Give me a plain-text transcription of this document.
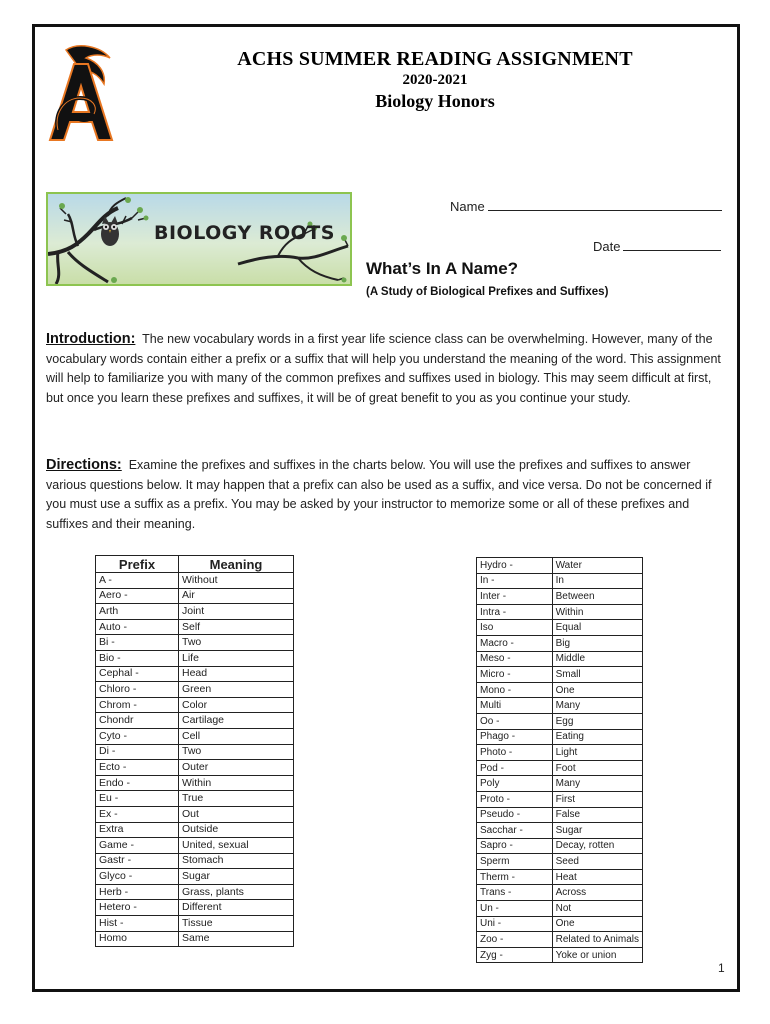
ACHS SUMMER READING ASSIGNMENT
2020-2021
Biology Honors
BIOLOGY ROOTS
Name
Date
What’s In A Name?
(A Study of Biological Prefixes and Suffixes)
Introduction: The new vocabulary words in a first year life science class can be overwhelming. However, many of the vocabulary words contain either a prefix or a suffix that will help you understand the meaning of the word. This assignment will help to familiarize you with many of the common prefixes and suffixes used in biology. This may seem difficult at first, but once you learn these prefixes and suffixes, it will be of great benefit to you as you continue your study.
Directions: Examine the prefixes and suffixes in the charts below. You will use the prefixes and suffixes to answer various questions below. It may happen that a prefix can also be used as a suffix, and vice versa. Do not be concerned if you must use a suffix as a prefix. You may be asked by your instructor to memorize some or all of these prefixes and suffixes and their meaning.
Prefix	Meaning
A -	Without
Aero -	Air
Arth	Joint
Auto -	Self
Bi -	Two
Bio -	Life
Cephal -	Head
Chloro -	Green
Chrom -	Color
Chondr	Cartilage
Cyto -	Cell
Di -	Two
Ecto -	Outer
Endo -	Within
Eu -	True
Ex -	Out
Extra	Outside
Game -	United, sexual
Gastr -	Stomach
Glyco -	Sugar
Herb -	Grass, plants
Hetero -	Different
Hist -	Tissue
Homo	Same
Hydro -	Water
In -	In
Inter -	Between
Intra -	Within
Iso	Equal
Macro -	Big
Meso -	Middle
Micro -	Small
Mono -	One
Multi	Many
Oo -	Egg
Phago -	Eating
Photo -	Light
Pod -	Foot
Poly	Many
Proto -	First
Pseudo -	False
Sacchar -	Sugar
Sapro -	Decay, rotten
Sperm	Seed
Therm -	Heat
Trans -	Across
Un -	Not
Uni -	One
Zoo -	Related to Animals
Zyg -	Yoke or union
1
